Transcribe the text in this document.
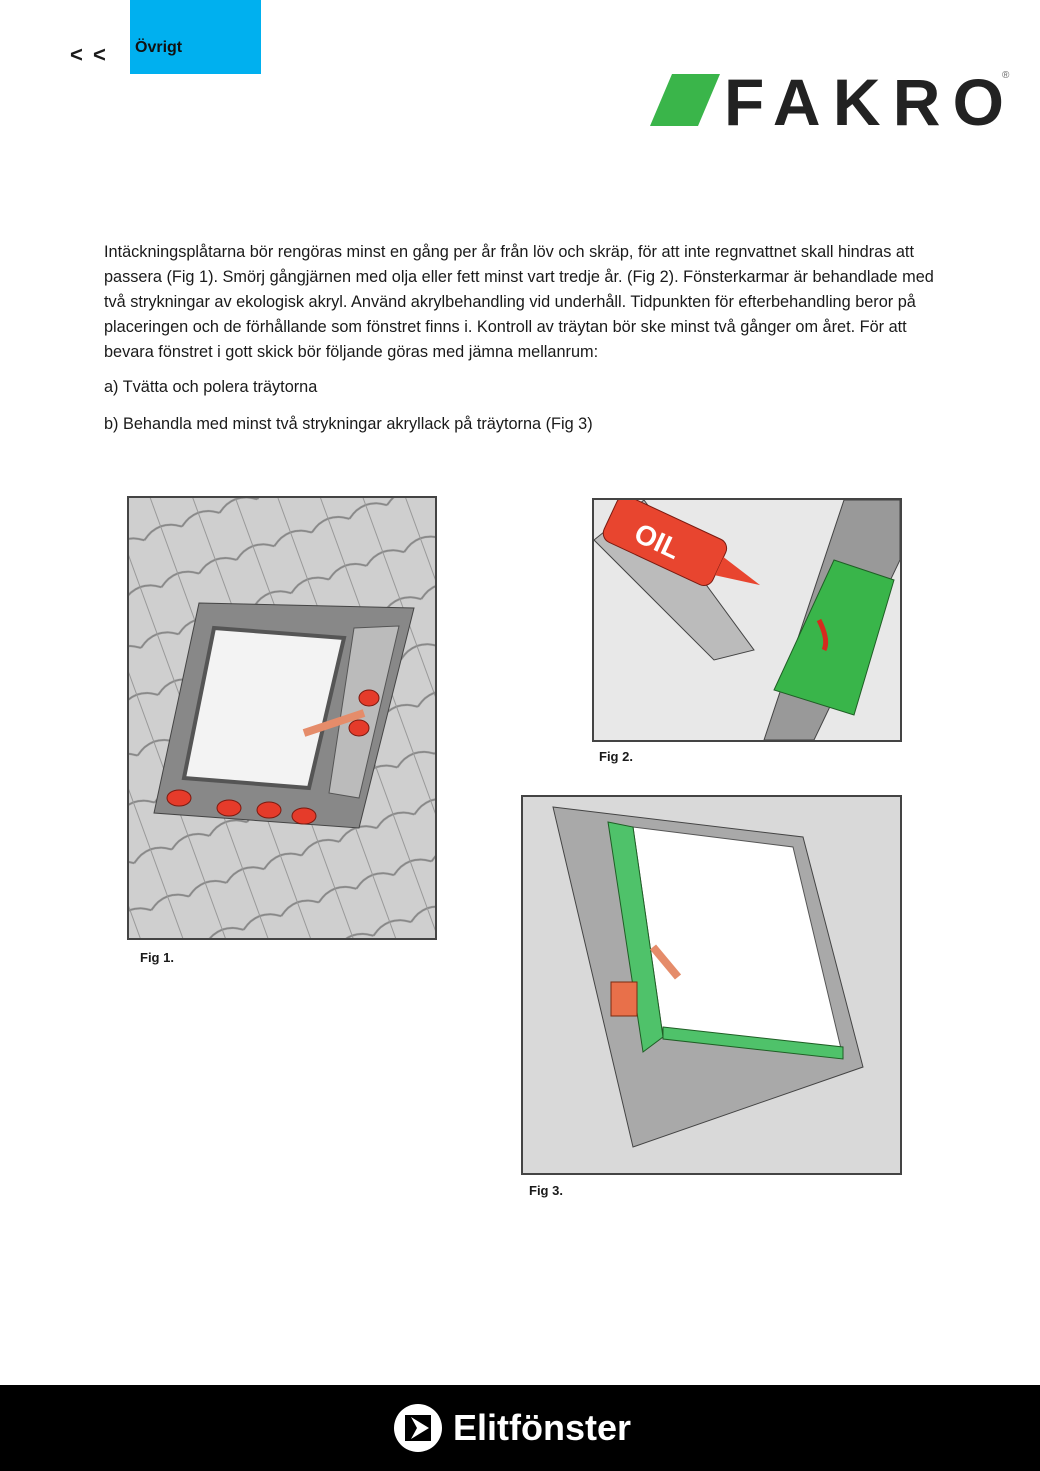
< < Övrigt
FAKRO
®

Intäckningsplåtarna bör rengöras minst en gång per år från löv och skräp, för att inte regnvattnet skall hindras att passera (Fig 1). Smörj gångjärnen med olja eller fett minst vart tredje år. (Fig 2). Fönsterkarmar är behandlade med två strykningar av ekologisk akryl. Använd akrylbehandling vid underhåll. Tidpunkten för efterbehandling beror på placeringen och de förhållande som fönstret finns i. Kontroll av träytan bör ske minst två gånger om året. För att bevara fönstret i gott skick bör följande göras med jämna mellanrum:

a) Tvätta och polera träytorna

b) Behandla med minst två strykningar akryllack på träytorna (Fig 3)

Fig 1.
OIL
Fig 2.
Fig 3.
Elitfönster
